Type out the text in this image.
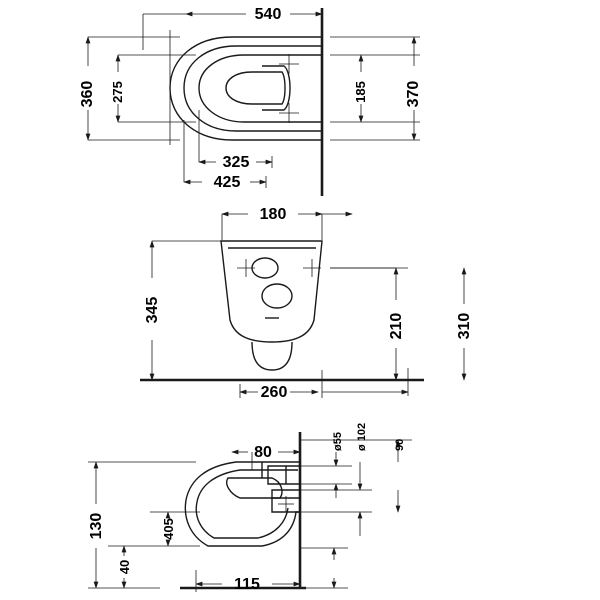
540
360 275	185 370
325
425
180
345
210	310
260
ø55 ø 102 90
80
130
40
405
115
